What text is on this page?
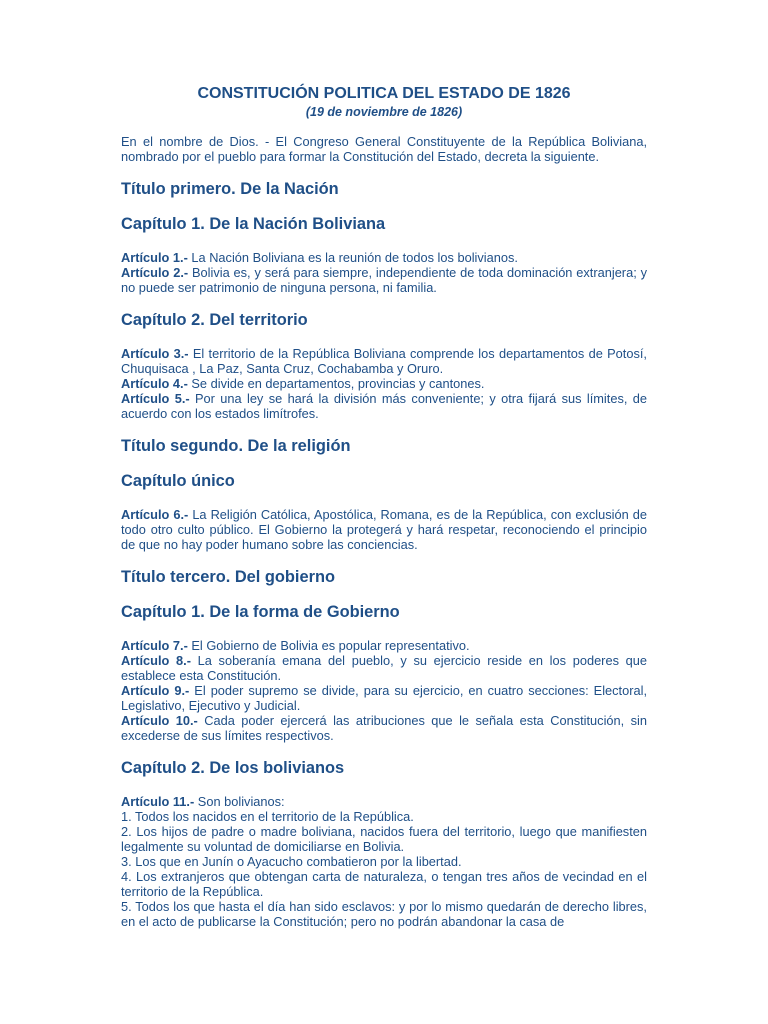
CONSTITUCIÓN POLITICA DEL ESTADO DE 1826
(19 de noviembre de 1826)

En el nombre de Dios. - El Congreso General Constituyente de la República Boliviana, nombrado por el pueblo para formar la Constitución del Estado, decreta la siguiente.

Título primero. De la Nación
Capítulo 1. De la Nación Boliviana

Artículo 1.- La Nación Boliviana es la reunión de todos los bolivianos.

Artículo 2.- Bolivia es, y será para siempre, independiente de toda dominación extranjera; y no puede ser patrimonio de ninguna persona, ni familia.

Capítulo 2. Del territorio

Artículo 3.- El territorio de la República Boliviana comprende los departamentos de Potosí, Chuquisaca , La Paz, Santa Cruz, Cochabamba y Oruro.

Artículo 4.- Se divide en departamentos, provincias y cantones.

Artículo 5.- Por una ley se hará la división más conveniente; y otra fijará sus límites, de acuerdo con los estados limítrofes.

Título segundo. De la religión
Capítulo único

Artículo 6.- La Religión Católica, Apostólica, Romana, es de la República, con exclusión de todo otro culto público. El Gobierno la protegerá y hará respetar, reconociendo el principio de que no hay poder humano sobre las conciencias.

Título tercero. Del gobierno
Capítulo 1. De la forma de Gobierno

Artículo 7.- El Gobierno de Bolivia es popular representativo.

Artículo 8.- La soberanía emana del pueblo, y su ejercicio reside en los poderes que establece esta Constitución.

Artículo 9.- El poder supremo se divide, para su ejercicio, en cuatro secciones: Electoral, Legislativo, Ejecutivo y Judicial.

Artículo 10.- Cada poder ejercerá las atribuciones que le señala esta Constitución, sin excederse de sus límites respectivos.

Capítulo 2. De los bolivianos

Artículo 11.- Son bolivianos:

1. Todos los nacidos en el territorio de la República.

2. Los hijos de padre o madre boliviana, nacidos fuera del territorio, luego que manifiesten legalmente su voluntad de domiciliarse en Bolivia.

3. Los que en Junín o Ayacucho combatieron por la libertad.

4. Los extranjeros que obtengan carta de naturaleza, o tengan tres años de vecindad en el territorio de la República.

5. Todos los que hasta el día han sido esclavos: y por lo mismo quedarán de derecho libres, en el acto de publicarse la Constitución; pero no podrán abandonar la casa de
